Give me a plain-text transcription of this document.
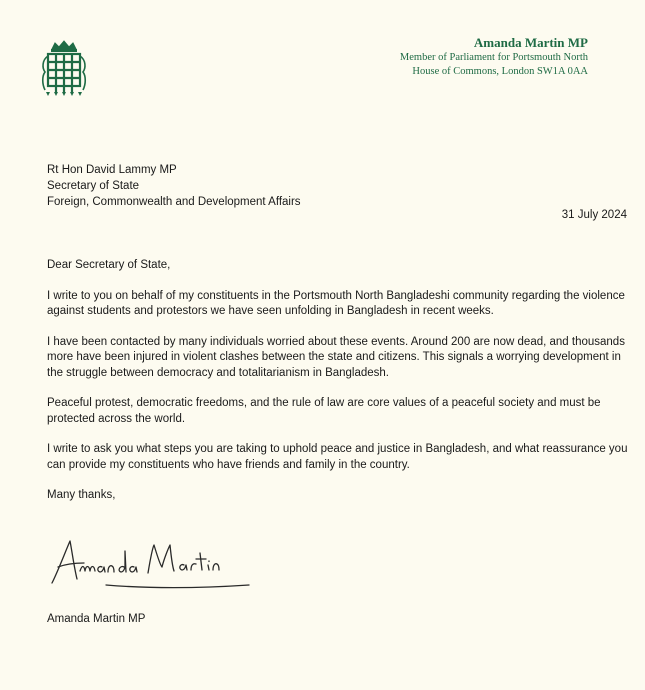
Amanda Martin MP
Member of Parliament for Portsmouth North
House of Commons, London SW1A 0AA
Rt Hon David Lammy MP
Secretary of State
Foreign, Commonwealth and Development Affairs
31 July 2024
Dear Secretary of State,

I write to you on behalf of my constituents in the Portsmouth North Bangladeshi community regarding the violence against students and protestors we have seen unfolding in Bangladesh in recent weeks.

I have been contacted by many individuals worried about these events. Around 200 are now dead, and thousands more have been injured in violent clashes between the state and citizens. This signals a worrying development in the struggle between democracy and totalitarianism in Bangladesh.

Peaceful protest, democratic freedoms, and the rule of law are core values of a peaceful society and must be protected across the world.

I write to ask you what steps you are taking to uphold peace and justice in Bangladesh, and what reassurance you can provide my constituents who have friends and family in the country.

Many thanks,

Amanda Martin
Amanda Martin MP
